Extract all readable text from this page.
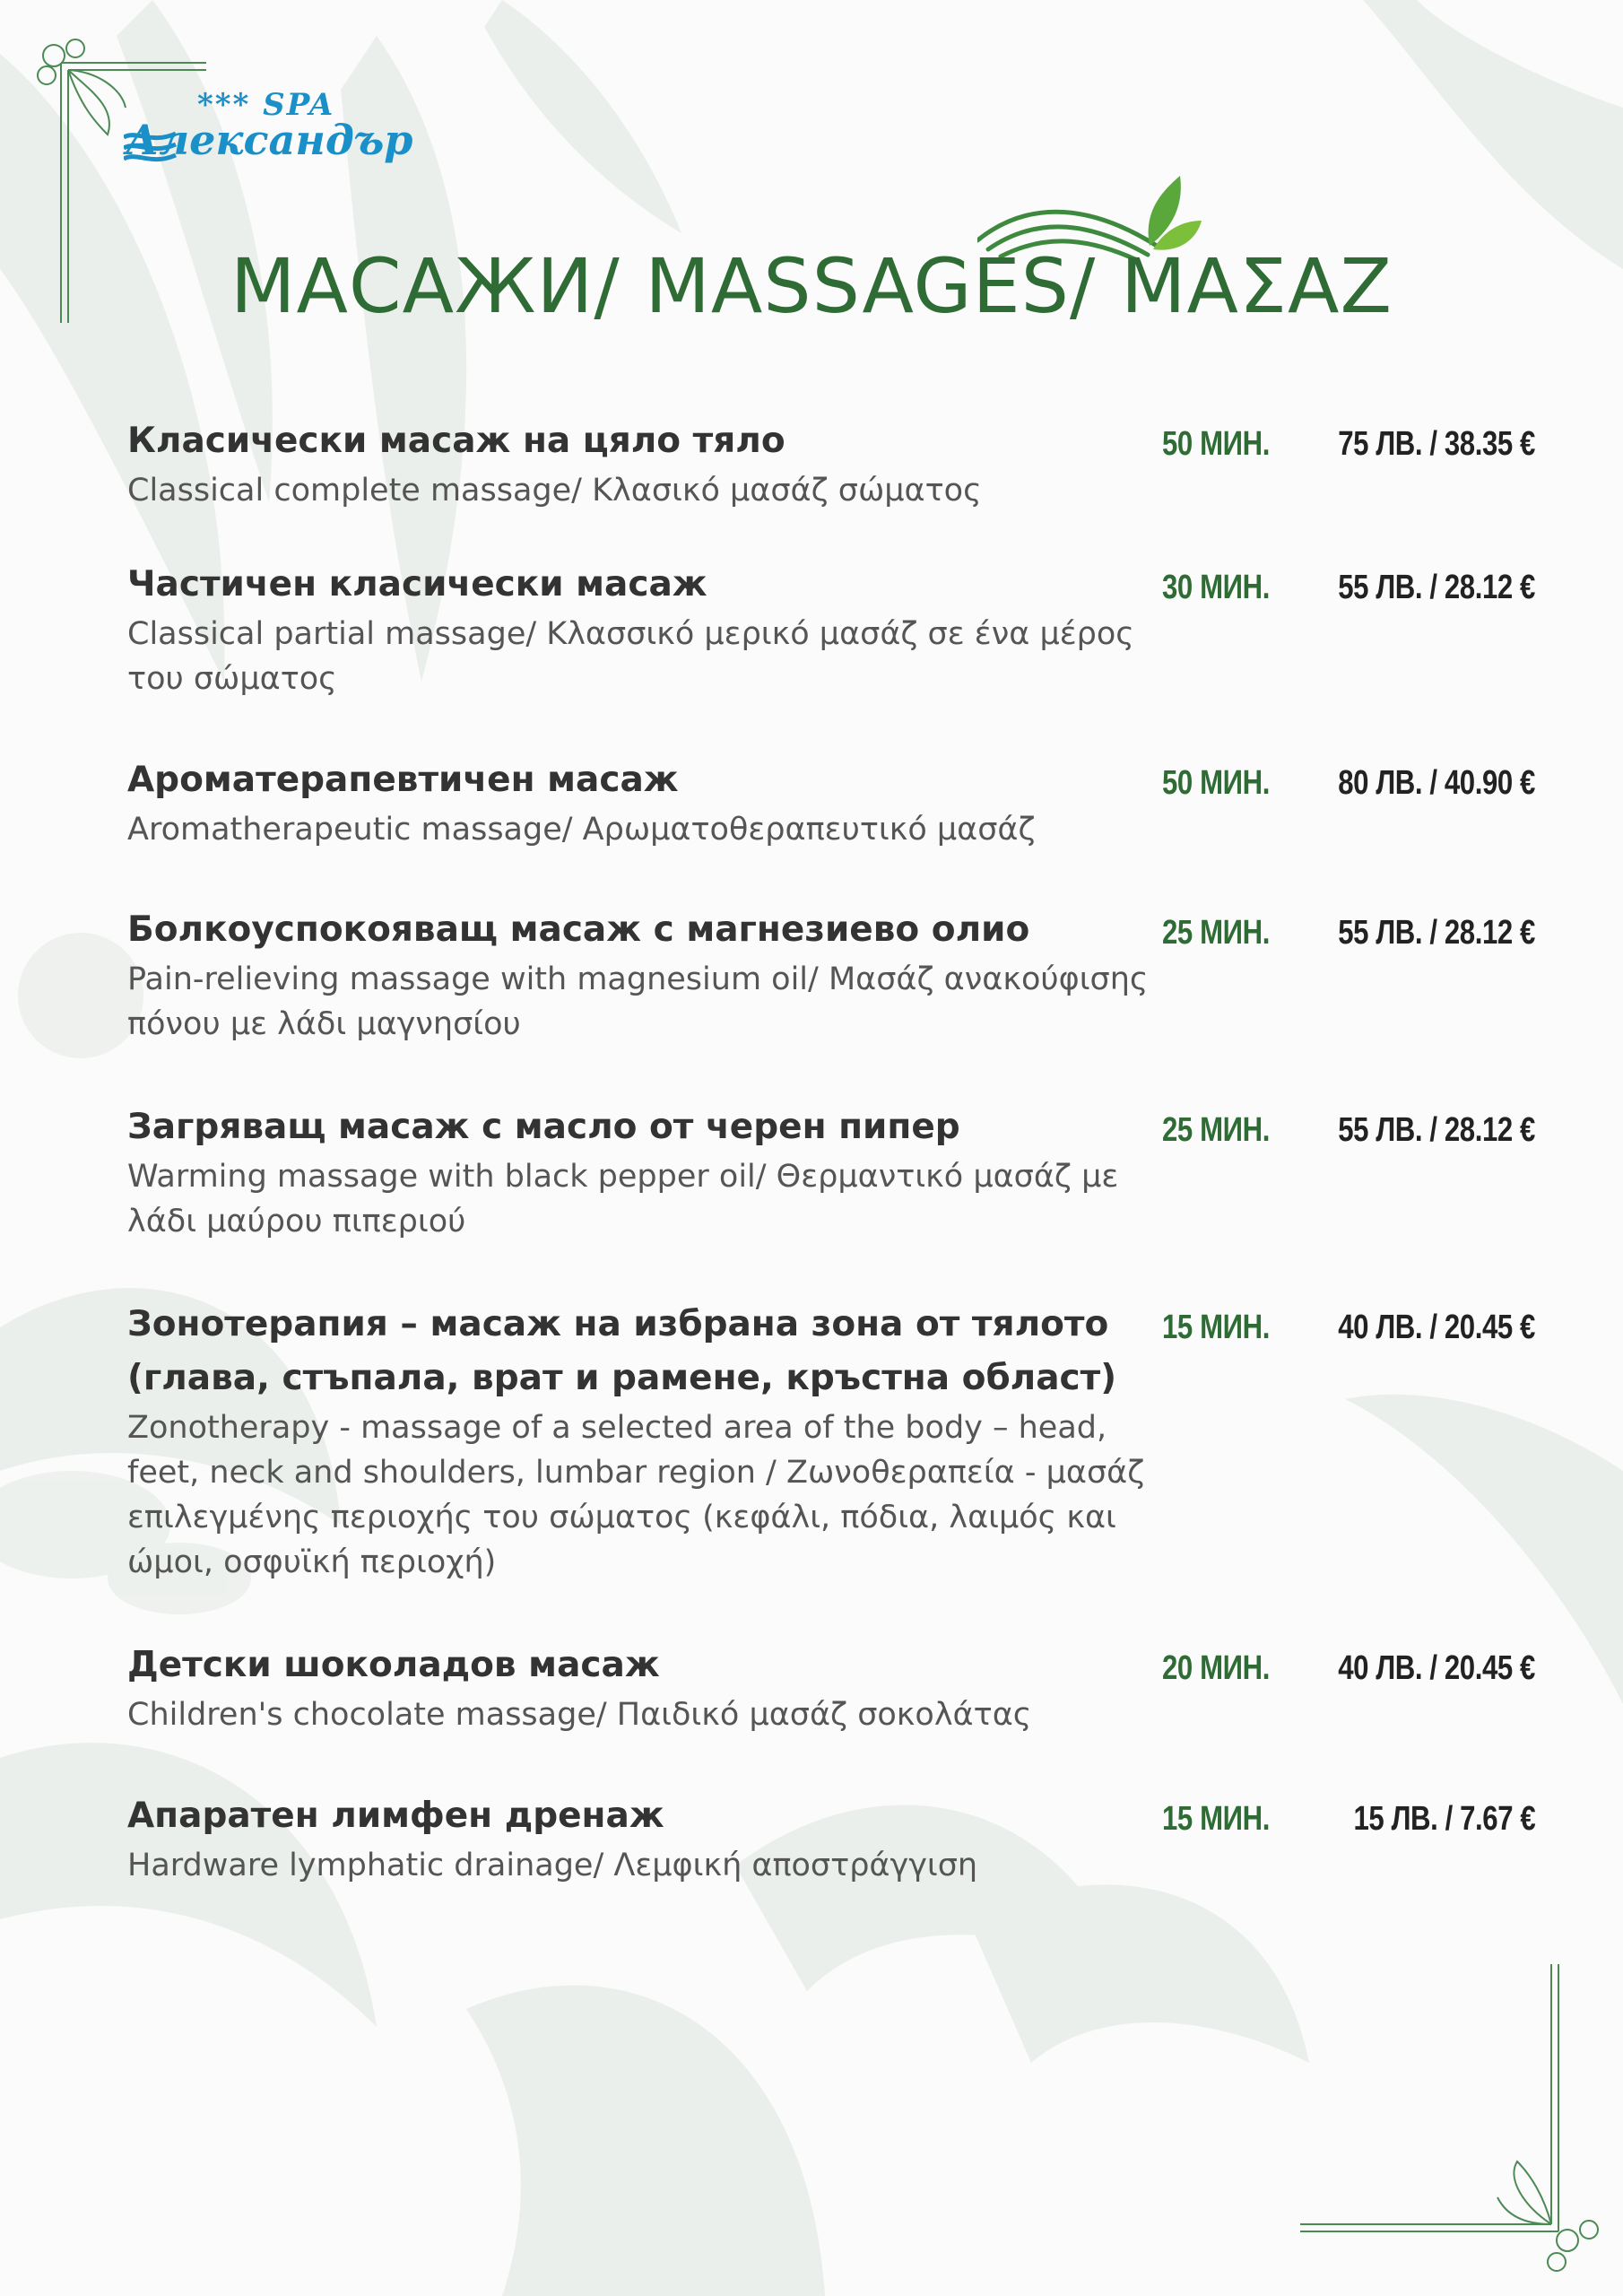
*** SPA
Александър
МАСАЖИ/ MASSAGES/ ΜΑΣΑΖ
Класически масаж на цяло тяло
Classical complete massage/ Κλασικό μασάζ σώματος
50 МИН. 75 ЛВ. / 38.35 €
Частичен класически масаж
Classical partial massage/ Κλασσικό μερικό μασάζ σε ένα μέρος του σώματος
30 МИН. 55 ЛВ. / 28.12 €
Ароматерапевтичен масаж
Aromatherapeutic massage/ Αρωματοθεραπευτικό μασάζ
50 МИН. 80 ЛВ. / 40.90 €
Болкоуспокояващ масаж с магнезиево олио
Pain-relieving massage with magnesium oil/ Μασάζ ανακούφισης πόνου με λάδι μαγνησίου
25 МИН. 55 ЛВ. / 28.12 €
Загряващ масаж с масло от черен пипер
Warming massage with black pepper oil/ Θερμαντικό μασάζ με λάδι μαύρου πιπεριού
25 МИН. 55 ЛВ. / 28.12 €
Зонотерапия – масаж на избрана зона от тялото (глава, стъпала, врат и рамене, кръстна област)
Zonotherapy - massage of a selected area of the body – head, feet, neck and shoulders, lumbar region / Ζωνοθεραπεία - μασάζ επιλεγμένης περιοχής του σώματος (κεφάλι, πόδια, λαιμός και ώμοι, οσφυϊκή περιοχή)
15 МИН. 40 ЛВ. / 20.45 €
Детски шоколадов масаж
Children's chocolate massage/ Παιδικό μασάζ σοκολάτας
20 МИН. 40 ЛВ. / 20.45 €
Апаратен лимфен дренаж
Hardware lymphatic drainage/ Λεμφική αποστράγγιση
15 МИН. 15 ЛВ. / 7.67 €
